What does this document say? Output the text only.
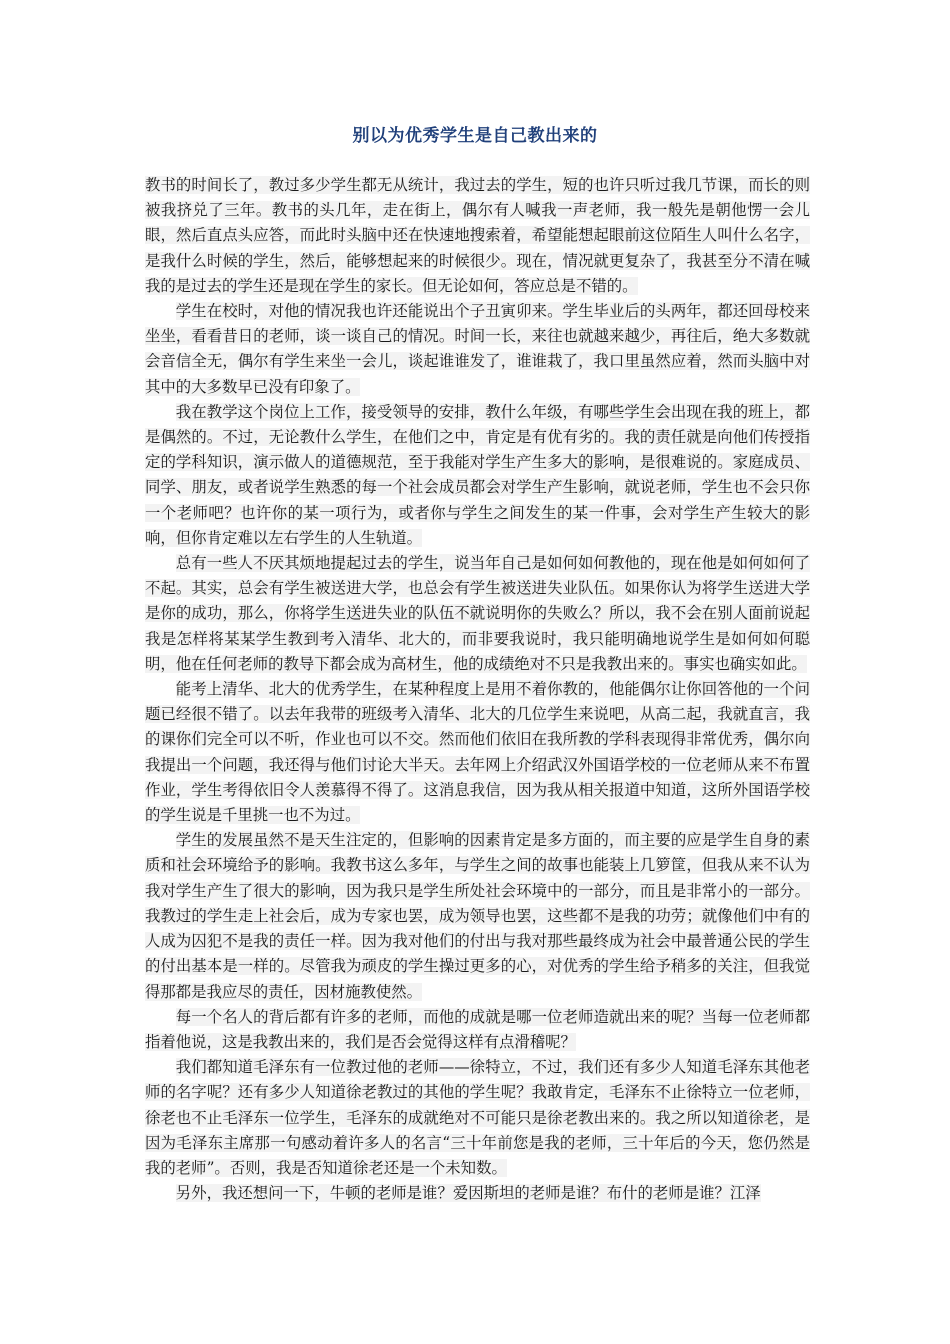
别以为优秀学生是自己教出来的

教书的时间长了，教过多少学生都无从统计，我过去的学生，短的也许只听过我几节课，而长的则被我挤兑了三年。教书的头几年，走在街上，偶尔有人喊我一声老师，我一般先是朝他愣一会儿眼，然后直点头应答，而此时头脑中还在快速地搜索着，希望能想起眼前这位陌生人叫什么名字，是我什么时候的学生，然后，能够想起来的时候很少。现在，情况就更复杂了，我甚至分不清在喊我的是过去的学生还是现在学生的家长。但无论如何，答应总是不错的。

学生在校时，对他的情况我也许还能说出个子丑寅卯来。学生毕业后的头两年，都还回母校来坐坐，看看昔日的老师，谈一谈自己的情况。时间一长，来往也就越来越少，再往后，绝大多数就会音信全无，偶尔有学生来坐一会儿，谈起谁谁发了，谁谁栽了，我口里虽然应着，然而头脑中对其中的大多数早已没有印象了。

我在教学这个岗位上工作，接受领导的安排，教什么年级，有哪些学生会出现在我的班上，都是偶然的。不过，无论教什么学生，在他们之中，肯定是有优有劣的。我的责任就是向他们传授指定的学科知识，演示做人的道德规范，至于我能对学生产生多大的影响，是很难说的。家庭成员、同学、朋友，或者说学生熟悉的每一个社会成员都会对学生产生影响，就说老师，学生也不会只你一个老师吧？也许你的某一项行为，或者你与学生之间发生的某一件事，会对学生产生较大的影响，但你肯定难以左右学生的人生轨道。

总有一些人不厌其烦地提起过去的学生，说当年自己是如何如何教他的，现在他是如何如何了不起。其实，总会有学生被送进大学，也总会有学生被送进失业队伍。如果你认为将学生送进大学是你的成功，那么，你将学生送进失业的队伍不就说明你的失败么？所以，我不会在别人面前说起我是怎样将某某学生教到考入清华、北大的，而非要我说时，我只能明确地说学生是如何如何聪明，他在任何老师的教导下都会成为高材生，他的成绩绝对不只是我教出来的。事实也确实如此。

能考上清华、北大的优秀学生，在某种程度上是用不着你教的，他能偶尔让你回答他的一个问题已经很不错了。以去年我带的班级考入清华、北大的几位学生来说吧，从高二起，我就直言，我的课你们完全可以不听，作业也可以不交。然而他们依旧在我所教的学科表现得非常优秀，偶尔向我提出一个问题，我还得与他们讨论大半天。去年网上介绍武汉外国语学校的一位老师从来不布置作业，学生考得依旧令人羡慕得不得了。这消息我信，因为我从相关报道中知道，这所外国语学校的学生说是千里挑一也不为过。

学生的发展虽然不是天生注定的，但影响的因素肯定是多方面的，而主要的应是学生自身的素质和社会环境给予的影响。我教书这么多年，与学生之间的故事也能装上几箩筐，但我从来不认为我对学生产生了很大的影响，因为我只是学生所处社会环境中的一部分，而且是非常小的一部分。我教过的学生走上社会后，成为专家也罢，成为领导也罢，这些都不是我的功劳；就像他们中有的人成为囚犯不是我的责任一样。因为我对他们的付出与我对那些最终成为社会中最普通公民的学生的付出基本是一样的。尽管我为顽皮的学生操过更多的心，对优秀的学生给予稍多的关注，但我觉得那都是我应尽的责任，因材施教使然。

每一个名人的背后都有许多的老师，而他的成就是哪一位老师造就出来的呢？当每一位老师都指着他说，这是我教出来的，我们是否会觉得这样有点滑稽呢？

我们都知道毛泽东有一位教过他的老师——徐特立，不过，我们还有多少人知道毛泽东其他老师的名字呢？还有多少人知道徐老教过的其他的学生呢？我敢肯定，毛泽东不止徐特立一位老师，徐老也不止毛泽东一位学生，毛泽东的成就绝对不可能只是徐老教出来的。我之所以知道徐老，是因为毛泽东主席那一句感动着许多人的名言“三十年前您是我的老师，三十年后的今天，您仍然是我的老师”。否则，我是否知道徐老还是一个未知数。

另外，我还想问一下，牛顿的老师是谁？爱因斯坦的老师是谁？布什的老师是谁？江泽
